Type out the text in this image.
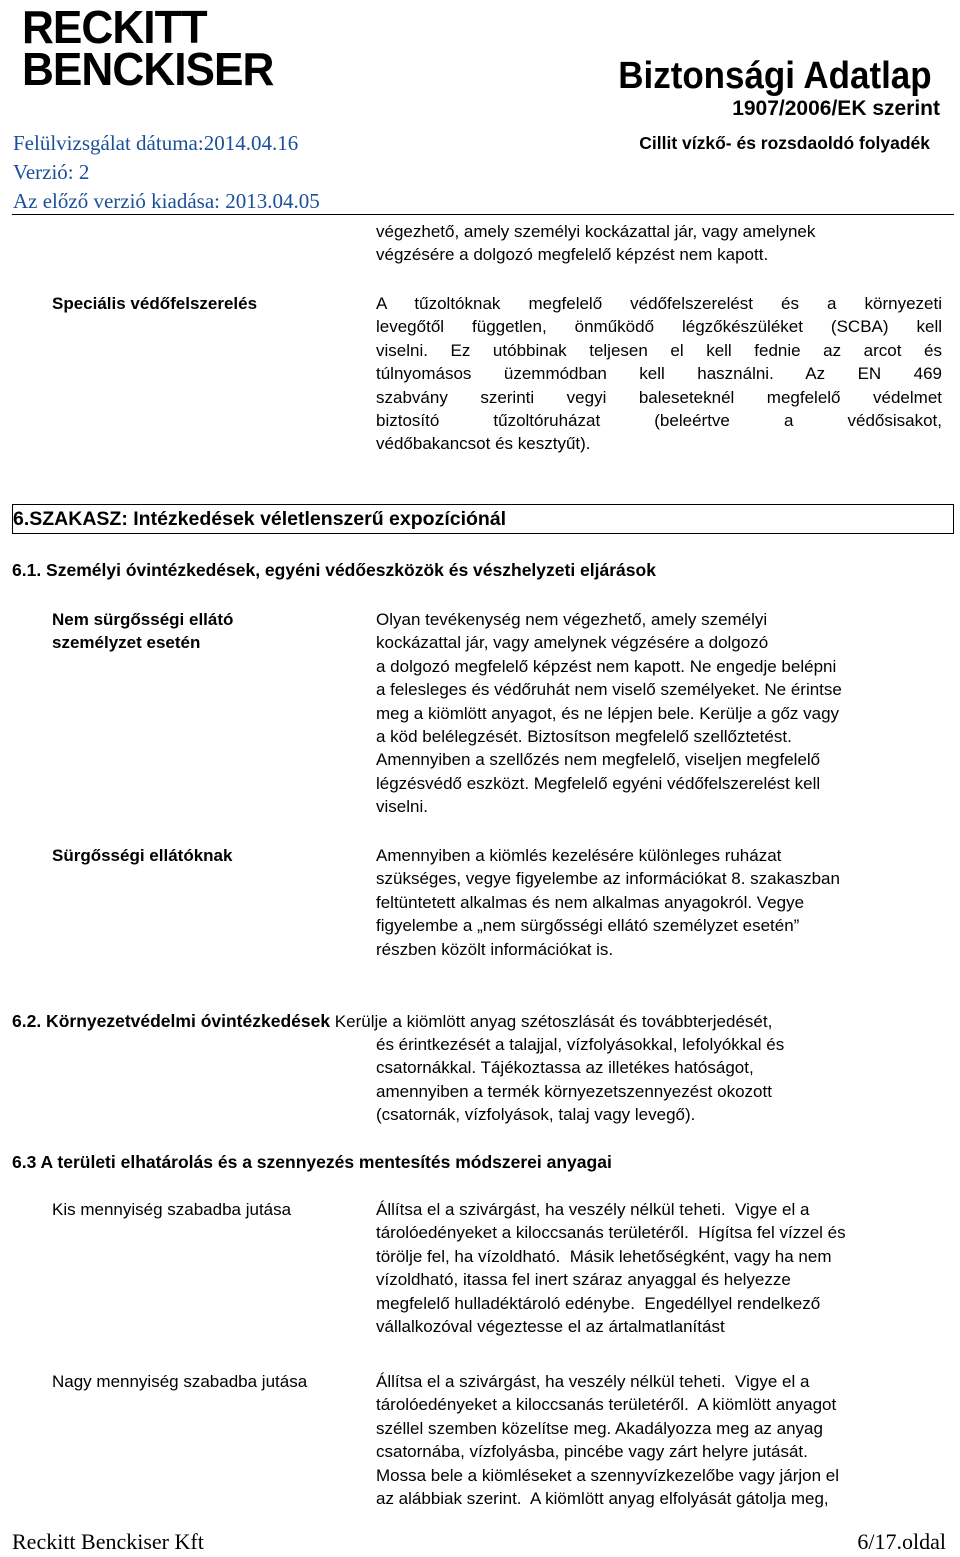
RECKITT
BENCKISER	Biztonsági Adatlap
1907/2006/EK szerint
Cillit vízkő- és rozsdaoldó folyadék
Felülvizsgálat dátuma:2014.04.16
Verzió: 2
Az előző verzió kiadása: 2013.04.05
végezhető, amely személyi kockázattal jár, vagy amelynek
végzésére a dolgozó megfelelő képzést nem kapott.
Speciális védőfelszerelés	A tűzoltóknak megfelelő védőfelszerelést és a környezeti
levegőtől független, önműködő légzőkészüléket (SCBA) kell
viselni. Ez utóbbinak teljesen el kell fednie az arcot és
túlnyomásos üzemmódban kell használni. Az EN 469
szabvány szerinti vegyi baleseteknél megfelelő védelmet
biztosító tűzoltóruházat (beleértve a védősisakot,
védőbakancsot és kesztyűt).
6.SZAKASZ: Intézkedések véletlenszerű expozíciónál
6.1. Személyi óvintézkedések, egyéni védőeszközök és vészhelyzeti eljárások
Nem sürgősségi ellátó
személyzet esetén
Olyan tevékenység nem végezhető, amely személyi
kockázattal jár, vagy amelynek végzésére a dolgozó
a dolgozó megfelelő képzést nem kapott. Ne engedje belépni
a felesleges és védőruhát nem viselő személyeket. Ne érintse
meg a kiömlött anyagot, és ne lépjen bele. Kerülje a gőz vagy
a köd belélegzését. Biztosítson megfelelő szellőztetést.
Amennyiben a szellőzés nem megfelelő, viseljen megfelelő
légzésvédő eszközt. Megfelelő egyéni védőfelszerelést kell
viselni.
Sürgősségi ellátóknak	Amennyiben a kiömlés kezelésére különleges ruházat
szükséges, vegye figyelembe az információkat 8. szakaszban
feltüntetett alkalmas és nem alkalmas anyagokról. Vegye
figyelembe a „nem sürgősségi ellátó személyzet esetén”
részben közölt információkat is.
6.2. Környezetvédelmi óvintézkedések Kerülje a kiömlött anyag szétoszlását és továbbterjedését,
és érintkezését a talajjal, vízfolyásokkal, lefolyókkal és
csatornákkal. Tájékoztassa az illetékes hatóságot,
amennyiben a termék környezetszennyezést okozott
(csatornák, vízfolyások, talaj vagy levegő).
6.3 A területi elhatárolás és a szennyezés mentesítés módszerei anyagai
Kis mennyiség szabadba jutása	Állítsa el a szivárgást, ha veszély nélkül teheti.  Vigye el a
tárolóedényeket a kiloccsanás területéről.  Hígítsa fel vízzel és
törölje fel, ha vízoldható.  Másik lehetőségként, vagy ha nem
vízoldható, itassa fel inert száraz anyaggal és helyezze
megfelelő hulladéktároló edénybe.  Engedéllyel rendelkező
vállalkozóval végeztesse el az ártalmatlanítást
Nagy mennyiség szabadba jutása	Állítsa el a szivárgást, ha veszély nélkül teheti.  Vigye el a
tárolóedényeket a kiloccsanás területéről.  A kiömlött anyagot
széllel szemben közelítse meg. Akadályozza meg az anyag
csatornába, vízfolyásba, pincébe vagy zárt helyre jutását.
Mossa bele a kiömléseket a szennyvízkezelőbe vagy járjon el
az alábbiak szerint.  A kiömlött anyag elfolyását gátolja meg,
Reckitt Benckiser Kft	6/17.oldal
